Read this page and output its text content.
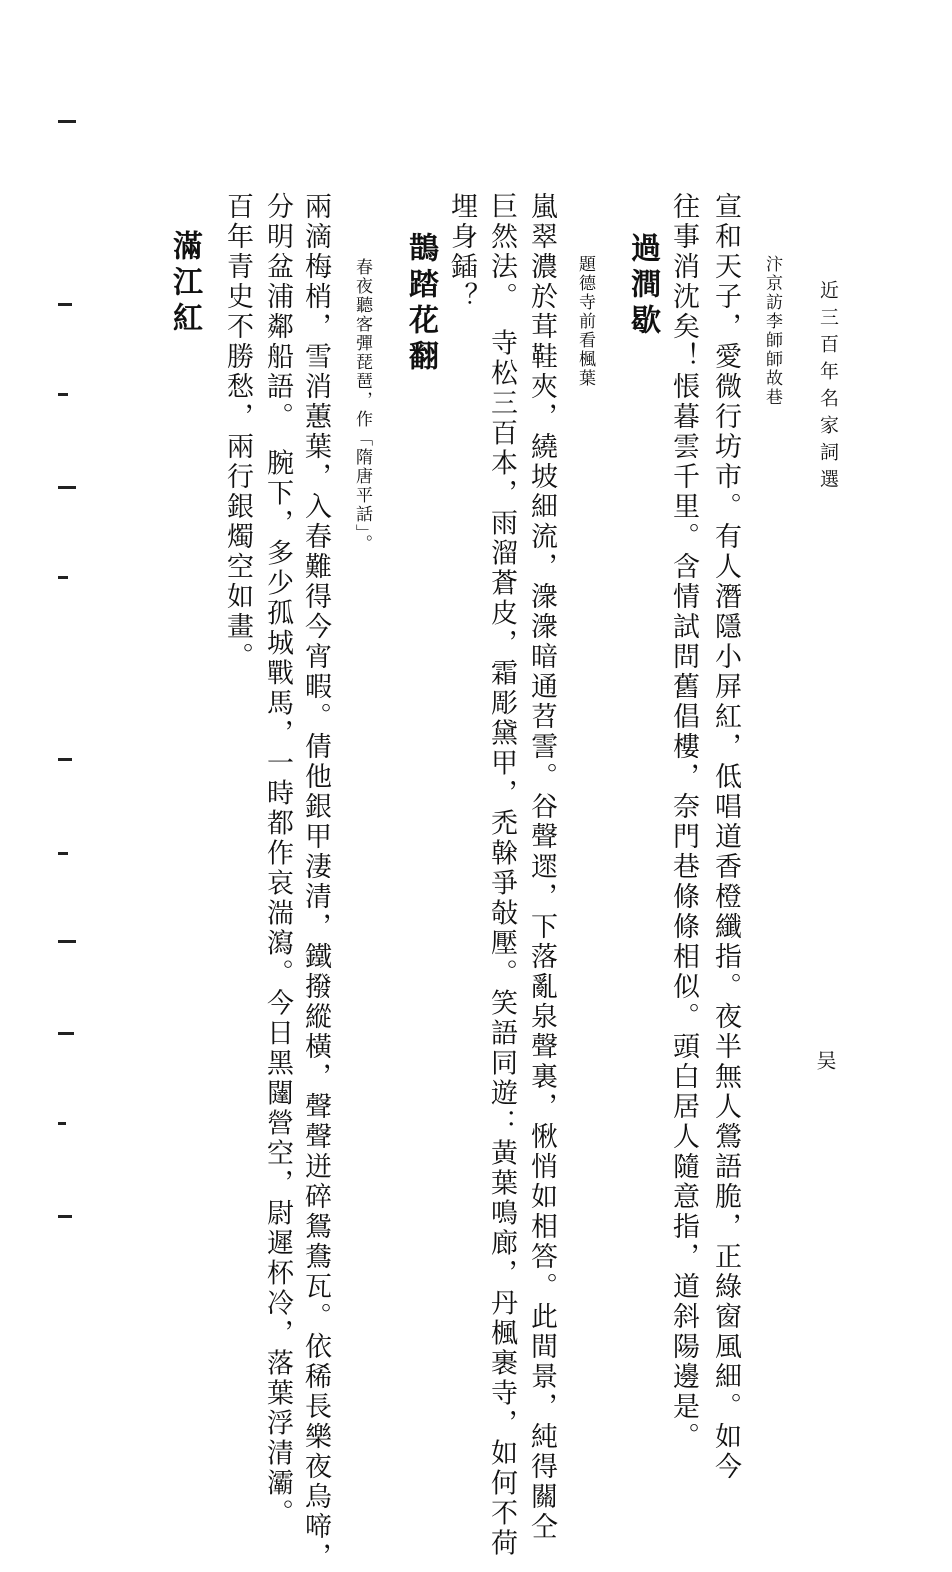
近三百年名家詞選
吴
過澗歇	汴京訪李師師故巷
宣和天子，愛微行坊市。有人潛隱小屏紅，低唱道香橙纖指。夜半無人鶯語脆，正綠窗風細。如今
往事消沈矣！悵暮雲千里。含情試問舊倡樓，奈門巷條條相似。頭白居人隨意指，道斜陽邊是。
題德寺前看楓葉
嵐翠濃於茸鞋夾，繞坡細流，潨潨暗通苕霅。谷聲遝，下落亂泉聲裏，愀悄如相答。此間景，純得關仝
巨然法。　寺松三百本，雨溜蒼皮，霜彫黛甲，禿榦爭敧壓。笑語同遊：黃葉鳴廊，丹楓裹寺，如何不荷
埋身鍤？
鵲踏花翻
春夜聽客彈琵琶，作「隋唐平話」。
兩滴梅梢，雪消蕙葉，入春難得今宵暇。倩他銀甲淒清，鐵撥縱橫，聲聲迸碎鴛鴦瓦。依稀長樂夜烏啼，
分明盆浦鄰船語。　腕下，多少孤城戰馬，一時都作哀湍瀉。今日黑闥營空，尉遲杯冷，落葉浮清灞。
百年青史不勝愁，兩行銀燭空如畫。
滿江紅
